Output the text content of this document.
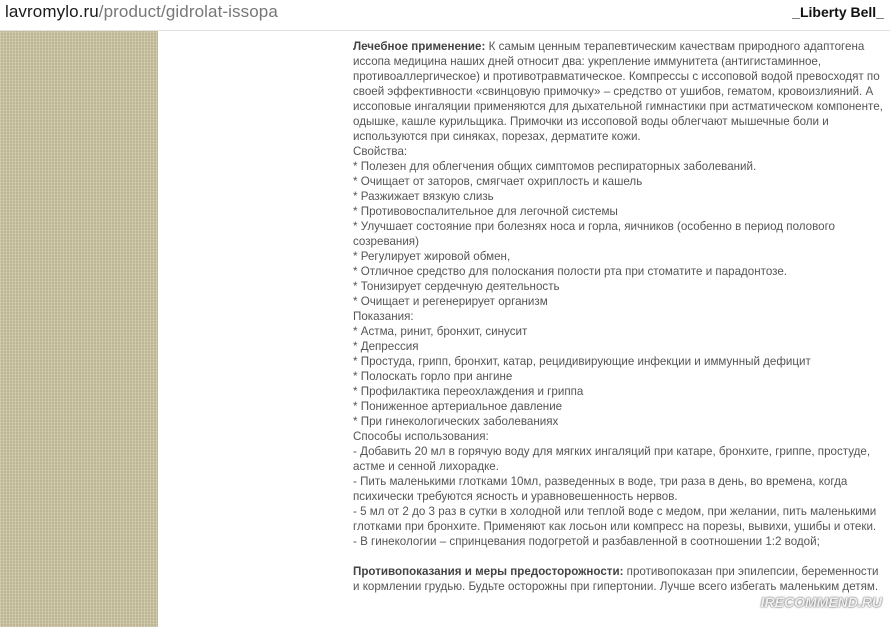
lavromylo.ru/product/gidrolat-issopa	_Liberty Bell_

Лечебное применение: К самым ценным терапевтическим качествам природного адаптогена иссопа медицина наших дней относит два: укрепление иммунитета (антигистаминное, противоаллергическое) и противотравматическое. Компрессы с иссоповой водой превосходят по своей эффективности «свинцовую примочку» – средство от ушибов, гематом, кровоизлияний. А иссоповые ингаляции применяются для дыхательной гимнастики при астматическом компоненте, одышке, кашле курильщика. Примочки из иссоповой воды облегчают мышечные боли и используются при синяках, порезах, дерматите кожи.

Свойства:

* Полезен для облегчения общих симптомов респираторных заболеваний.

* Очищает от заторов, смягчает охриплость и кашель

* Разжижает вязкую слизь

* Противовоспалительное для легочной системы

* Улучшает состояние при болезнях носа и горла, яичников (особенно в период полового созревания)

* Регулирует жировой обмен,

* Отличное средство для полоскания полости рта при стоматите и парадонтозе.

* Тонизирует сердечную деятельность

* Очищает и регенерирует организм

Показания:

* Астма, ринит, бронхит, синусит

* Депрессия

* Простуда, грипп, бронхит, катар, рецидивирующие инфекции и иммунный дефицит

* Полоскать горло при ангине

* Профилактика переохлаждения и гриппа

* Пониженное артериальное давление

* При гинекологических заболеваниях

Способы использования:

- Добавить 20 мл в горячую воду для мягких ингаляций при катаре, бронхите, гриппе, простуде, астме и сенной лихорадке.

- Пить маленькими глотками 10мл, разведенных в воде, три раза в день, во времена, когда психически требуются ясность и уравновешенность нервов.

- 5 мл от 2 до 3 раз в сутки в холодной или теплой воде с медом, при желании, пить маленькими глотками при бронхите. Применяют как лосьон или компресс на порезы, вывихи, ушибы и отеки.

- В гинекологии – спринцевания подогретой и разбавленной в соотношении 1:2 водой;

Противопоказания и меры предосторожности: противопоказан при эпилепсии, беременности и кормлении грудью. Будьте осторожны при гипертонии. Лучше всего избегать маленьким детям.

IRECOMMEND.RU
